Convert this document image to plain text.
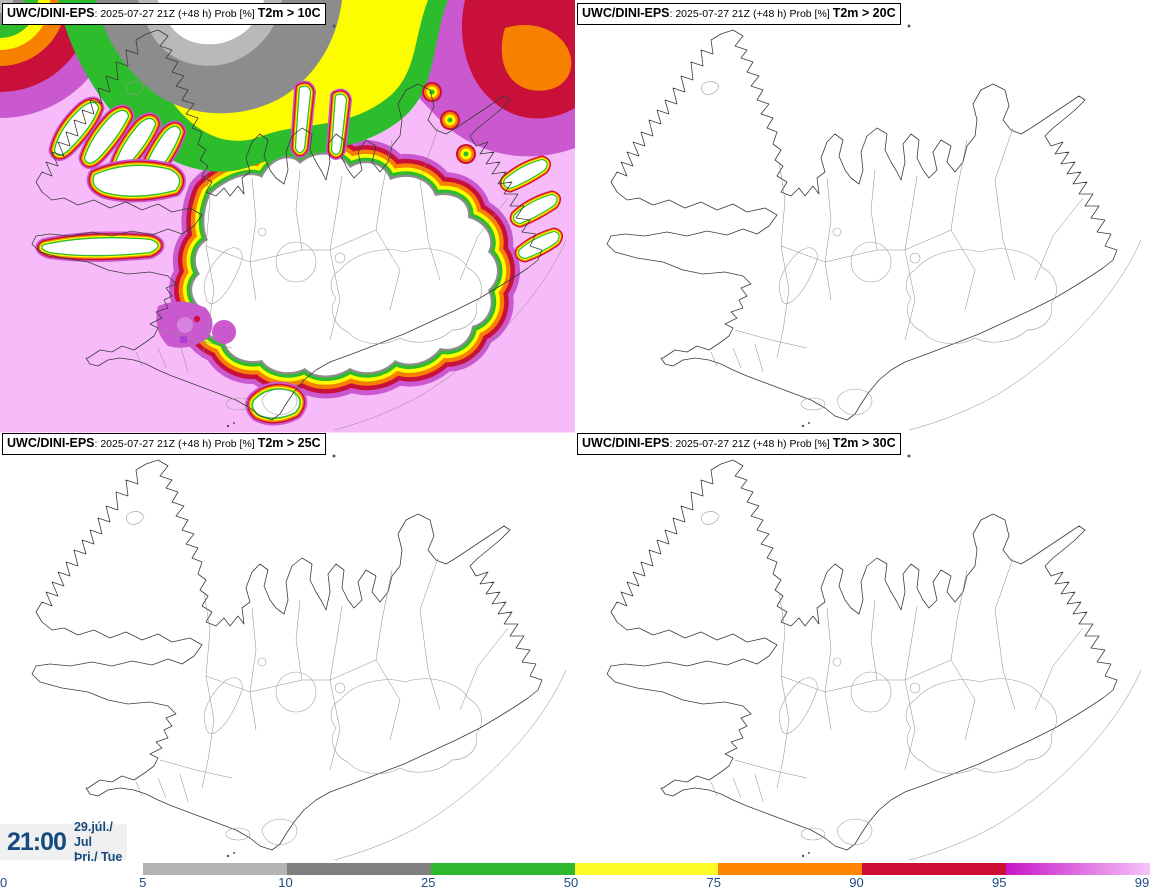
UWC/DINI-EPS: 2025-07-27 21Z (+48 h) Prob [%] T2m > 10C	UWC/DINI-EPS: 2025-07-27 21Z (+48 h) Prob [%] T2m > 20C
UWC/DINI-EPS: 2025-07-27 21Z (+48 h) Prob [%] T2m > 25C	UWC/DINI-EPS: 2025-07-27 21Z (+48 h) Prob [%] T2m > 30C
21:00
29.júl./ Jul
Þri./ Tue
0	5	10	25	50	75	90	95	99
